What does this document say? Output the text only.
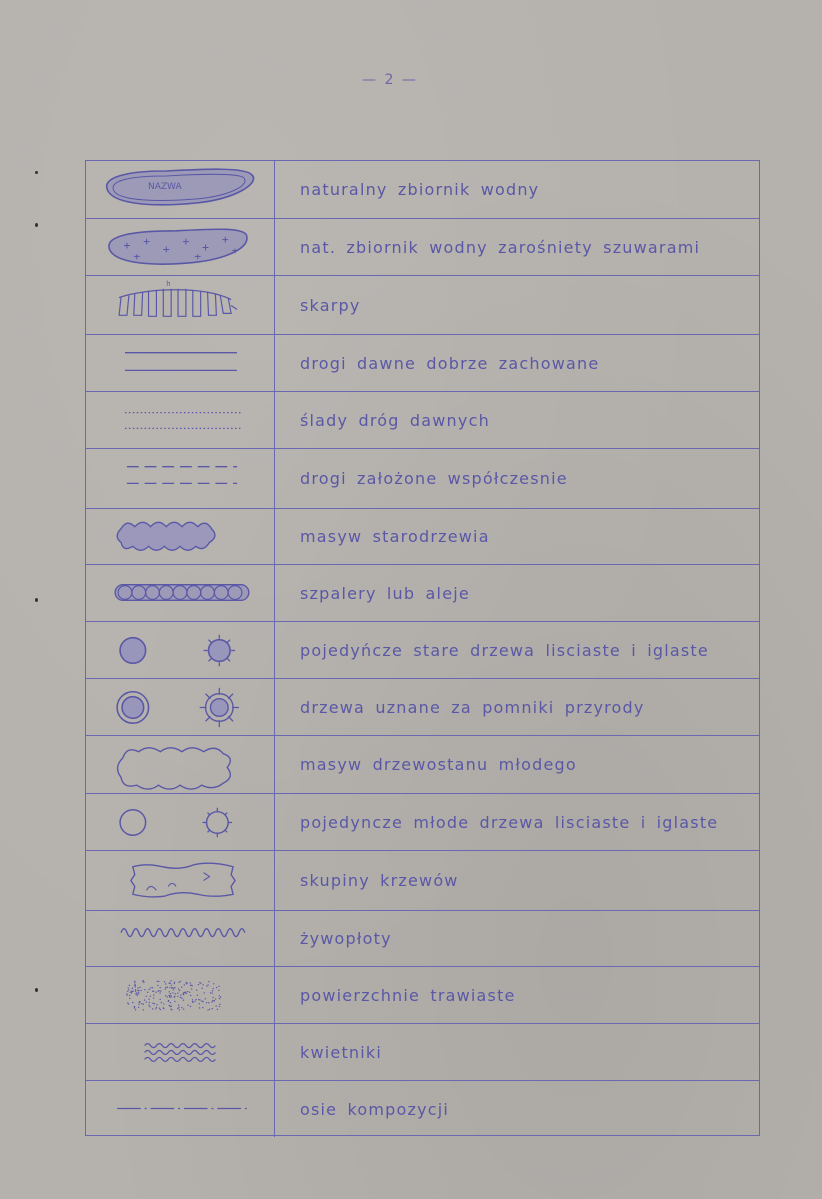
— 2 —
NAZWA	naturalny zbiornik wodny
nat. zbiornik wodny zarośniety szuwarami
h
skarpy
drogi dawne dobrze zachowane
ślady dróg dawnych
drogi założone współczesnie
masyw starodrzewia
szpalery lub aleje
pojedyńcze stare drzewa lisciaste i iglaste
drzewa uznane za pomniki przyrody
masyw drzewostanu młodego
pojedyncze młode drzewa lisciaste i iglaste
skupiny krzewów
żywopłoty
powierzchnie trawiaste
kwietniki
osie kompozycji
